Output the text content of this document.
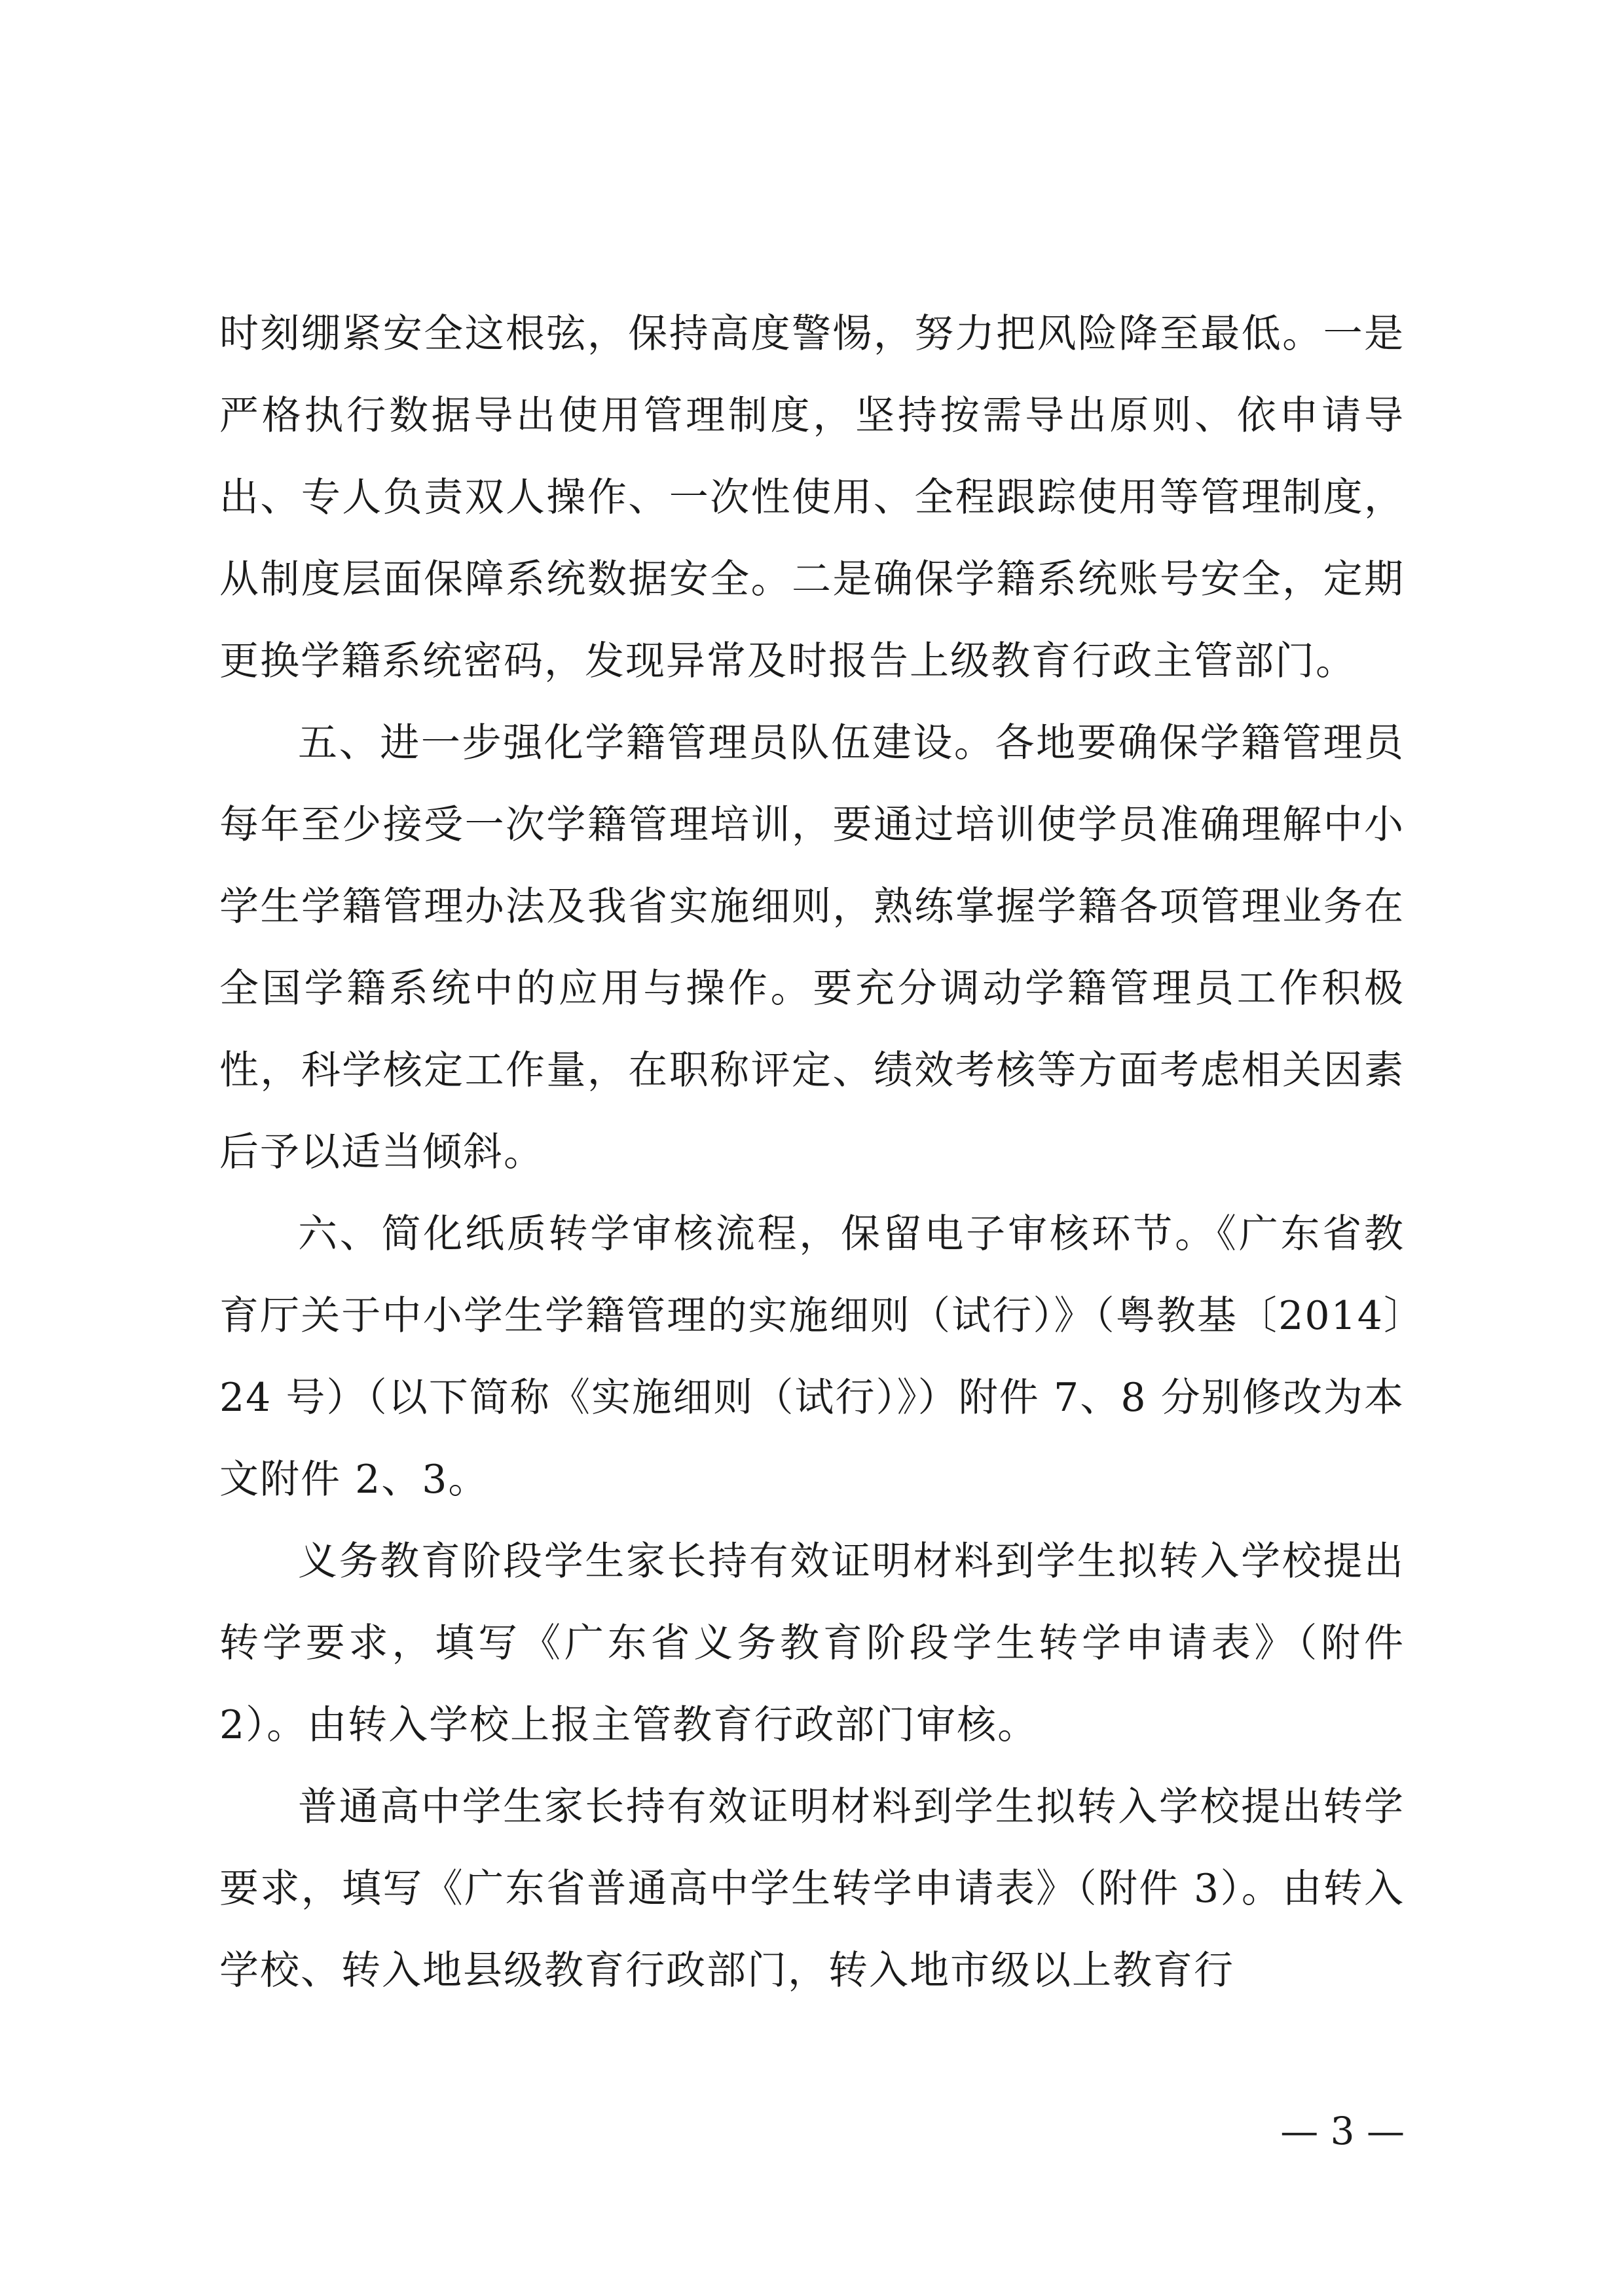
时刻绷紧安全这根弦，保持高度警惕，努力把风险降至最低。一是严格执行数据导出使用管理制度，坚持按需导出原则、依申请导出、专人负责双人操作、一次性使用、全程跟踪使用等管理制度，从制度层面保障系统数据安全。二是确保学籍系统账号安全，定期更换学籍系统密码，发现异常及时报告上级教育行政主管部门。

五、进一步强化学籍管理员队伍建设。各地要确保学籍管理员每年至少接受一次学籍管理培训，要通过培训使学员准确理解中小学生学籍管理办法及我省实施细则，熟练掌握学籍各项管理业务在全国学籍系统中的应用与操作。要充分调动学籍管理员工作积极性，科学核定工作量，在职称评定、绩效考核等方面考虑相关因素后予以适当倾斜。

六、简化纸质转学审核流程，保留电子审核环节。《广东省教育厅关于中小学生学籍管理的实施细则（试行）》（粤教基〔2014〕24 号）（以下简称《实施细则（试行）》）附件 7、8 分别修改为本文附件 2、3。

义务教育阶段学生家长持有效证明材料到学生拟转入学校提出转学要求，填写《广东省义务教育阶段学生转学申请表》（附件 2）。由转入学校上报主管教育行政部门审核。

普通高中学生家长持有效证明材料到学生拟转入学校提出转学要求，填写《广东省普通高中学生转学申请表》（附件 3）。由转入学校、转入地县级教育行政部门，转入地市级以上教育行

— 3 —
